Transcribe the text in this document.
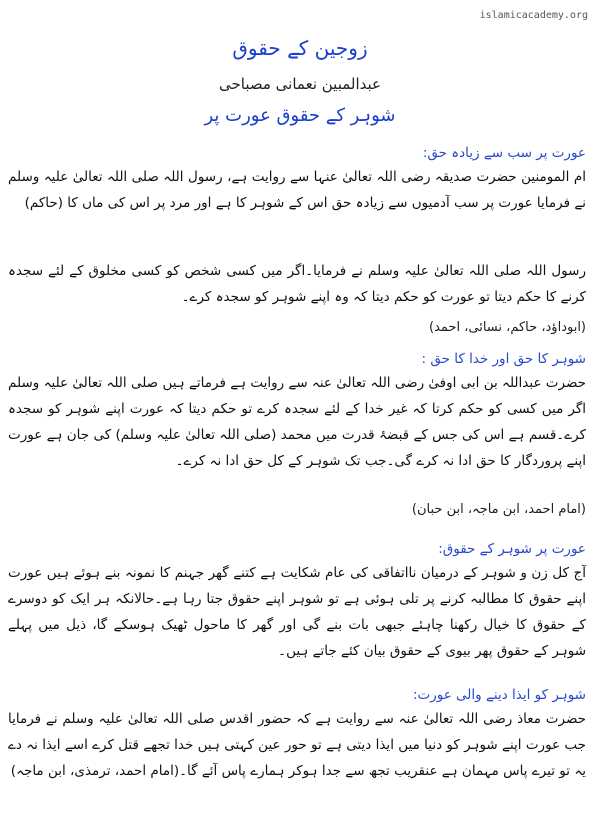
islamicacademy.org
زوجین کے حقوق
عبدالمبین نعمانی مصباحی
شوہر کے حقوق عورت پر
عورت پر سب سے زیادہ حق:
ام المومنین حضرت صدیقہ رضی اللہ تعالیٰ عنہا سے روایت ہے، رسول اللہ صلی اللہ تعالیٰ علیہ وسلم نے فرمایا عورت پر سب آدمیوں سے زیادہ حق اس کے شوہر کا ہے اور مرد پر اس کی ماں کا (حاکم)
رسول اللہ صلی اللہ تعالیٰ علیہ وسلم نے فرمایا۔اگر میں کسی شخص کو کسی مخلوق کے لئے سجدہ کرنے کا حکم دیتا تو عورت کو حکم دیتا کہ وہ اپنے شوہر کو سجدہ کرے۔
(ابوداؤد، حاکم، نسائی، احمد)
شوہر کا حق اور خدا کا حق :
حضرت عبداللہ بن ابی اوفیٰ رضی اللہ تعالیٰ عنہ سے روایت ہے فرماتے ہیں صلی اللہ تعالیٰ علیہ وسلم اگر میں کسی کو حکم کرتا کہ غیر خدا کے لئے سجدہ کرے تو حکم دیتا کہ عورت اپنے شوہر کو سجدہ کرے۔قسم ہے اس کی جس کے قبضۂ قدرت میں محمد (صلی اللہ تعالیٰ علیہ وسلم) کی جان ہے عورت اپنے پروردگار کا حق ادا نہ کرے گی۔جب تک شوہر کے کل حق ادا نہ کرے۔
(امام احمد، ابن ماجہ، ابن حبان)
عورت پر شوہر کے حقوق:
آج کل زن و شوہر کے درمیان نااتفاقی کی عام شکایت ہے کتنے گھر جہنم کا نمونہ بنے ہوئے ہیں عورت اپنے حقوق کا مطالبہ کرنے پر تلی ہوئی ہے تو شوہر اپنے حقوق جتا رہا ہے۔حالانکہ ہر ایک کو دوسرے کے حقوق کا خیال رکھنا چاہئے جبھی بات بنے گی اور گھر کا ماحول ٹھیک ہوسکے گا، ذیل میں پہلے شوہر کے حقوق پھر بیوی کے حقوق بیان کئے جاتے ہیں۔
شوہر کو ایذا دینے والی عورت:
حضرت معاذ رضی اللہ تعالیٰ عنہ سے روایت ہے کہ حضور اقدس صلی اللہ تعالیٰ علیہ وسلم نے فرمایا جب عورت اپنے شوہر کو دنیا میں ایذا دیتی ہے تو حور عین کہتی ہیں خدا تجھے قتل کرے اسے ایذا نہ دے یہ تو تیرے پاس مہمان ہے عنقریب تجھ سے جدا ہوکر ہمارے پاس آئے گا۔(امام احمد، ترمذی، ابن ماجہ)
